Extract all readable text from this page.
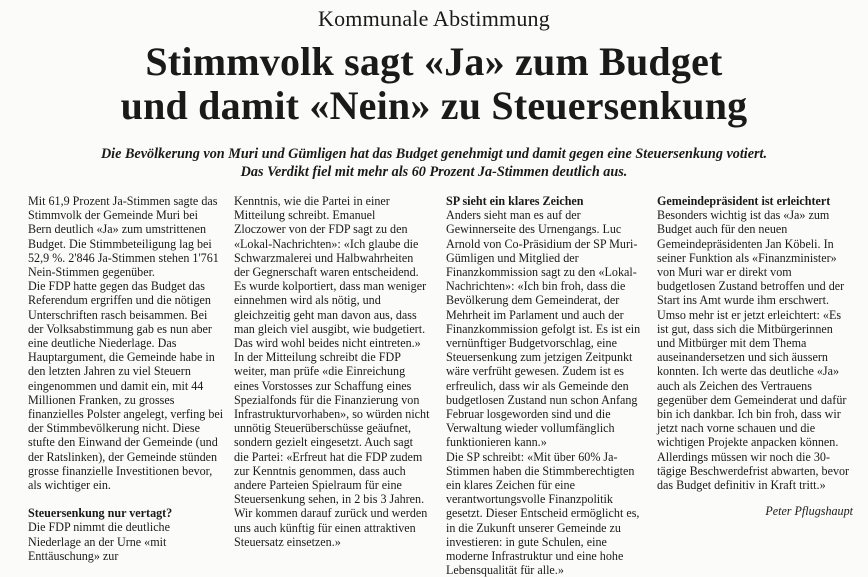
Kommunale Abstimmung
Stimmvolk sagt «Ja» zum Budget
und damit «Nein» zu Steuersenkung
Die Bevölkerung von Muri und Gümligen hat das Budget genehmigt und damit gegen eine Steuersenkung votiert.
Das Verdikt fiel mit mehr als 60 Prozent Ja-Stimmen deutlich aus.

Mit 61,9 Prozent Ja-Stimmen sagte das Stimmvolk der Gemeinde Muri bei Bern deutlich «Ja» zum umstrittenen Budget. Die Stimmbeteiligung lag bei 52,9 %. 2'846 Ja-Stimmen stehen 1'761 Nein-Stimmen gegenüber.

Die FDP hatte gegen das Budget das Referendum ergriffen und die nötigen Unterschriften rasch beisammen. Bei der Volksabstimmung gab es nun aber eine deutliche Niederlage. Das Hauptargument, die Gemeinde habe in den letzten Jahren zu viel Steuern eingenommen und damit ein, mit 44 Millionen Franken, zu grosses finanzielles Polster angelegt, verfing bei der Stimmbevölkerung nicht. Diese stufte den Einwand der Gemeinde (und der Ratslinken), der Gemeinde stünden grosse finanzielle Investitionen bevor, als wichtiger ein.

Steuersenkung nur vertagt?

Die FDP nimmt die deutliche Niederlage an der Urne «mit Enttäuschung» zur

Kenntnis, wie die Partei in einer Mitteilung schreibt. Emanuel Zloczower von der FDP sagt zu den «Lokal-Nachrichten»: «Ich glaube die Schwarzmalerei und Halbwahrheiten der Gegnerschaft waren entscheidend. Es wurde kolportiert, dass man weniger einnehmen wird als nötig, und gleichzeitig geht man davon aus, dass man gleich viel ausgibt, wie budgetiert. Das wird wohl beides nicht eintreten.»

In der Mitteilung schreibt die FDP weiter, man prüfe «die Einreichung eines Vorstosses zur Schaffung eines Spezialfonds für die Finanzierung von Infrastrukturvorhaben», so würden nicht unnötig Steuerüberschüsse geäufnet, sondern gezielt eingesetzt. Auch sagt die Partei: «Erfreut hat die FDP zudem zur Kenntnis genommen, dass auch andere Parteien Spielraum für eine Steuersenkung sehen, in 2 bis 3 Jahren. Wir kommen darauf zurück und werden uns auch künftig für einen attraktiven Steuersatz einsetzen.»

SP sieht ein klares Zeichen

Anders sieht man es auf der Gewinnerseite des Urnengangs. Luc Arnold von Co-Präsidium der SP Muri-Gümligen und Mitglied der Finanzkommission sagt zu den «Lokal-Nachrichten»: «Ich bin froh, dass die Bevölkerung dem Gemeinderat, der Mehrheit im Parlament und auch der Finanzkommission gefolgt ist. Es ist ein vernünftiger Budgetvorschlag, eine Steuersenkung zum jetzigen Zeitpunkt wäre verfrüht gewesen. Zudem ist es erfreulich, dass wir als Gemeinde den budgetlosen Zustand nun schon Anfang Februar losgeworden sind und die Verwaltung wieder vollumfänglich funktionieren kann.»

Die SP schreibt: «Mit über 60% Ja-Stimmen haben die Stimmberechtigten ein klares Zeichen für eine verantwortungsvolle Finanzpolitik gesetzt. Dieser Entscheid ermöglicht es, in die Zukunft unserer Gemeinde zu investieren: in gute Schulen, eine moderne Infrastruktur und eine hohe Lebensqualität für alle.»

Gemeindepräsident ist erleichtert

Besonders wichtig ist das «Ja» zum Budget auch für den neuen Gemeindepräsidenten Jan Köbeli. In seiner Funktion als «Finanzminister» von Muri war er direkt vom budgetlosen Zustand betroffen und der Start ins Amt wurde ihm erschwert. Umso mehr ist er jetzt erleichtert: «Es ist gut, dass sich die Mitbürgerinnen und Mitbürger mit dem Thema auseinandersetzen und sich äussern konnten. Ich werte das deutliche «Ja» auch als Zeichen des Vertrauens gegenüber dem Gemeinderat und dafür bin ich dankbar. Ich bin froh, dass wir jetzt nach vorne schauen und die wichtigen Projekte anpacken können. Allerdings müssen wir noch die 30-tägige Beschwerdefrist abwarten, bevor das Budget definitiv in Kraft tritt.»

Peter Pflugshaupt
